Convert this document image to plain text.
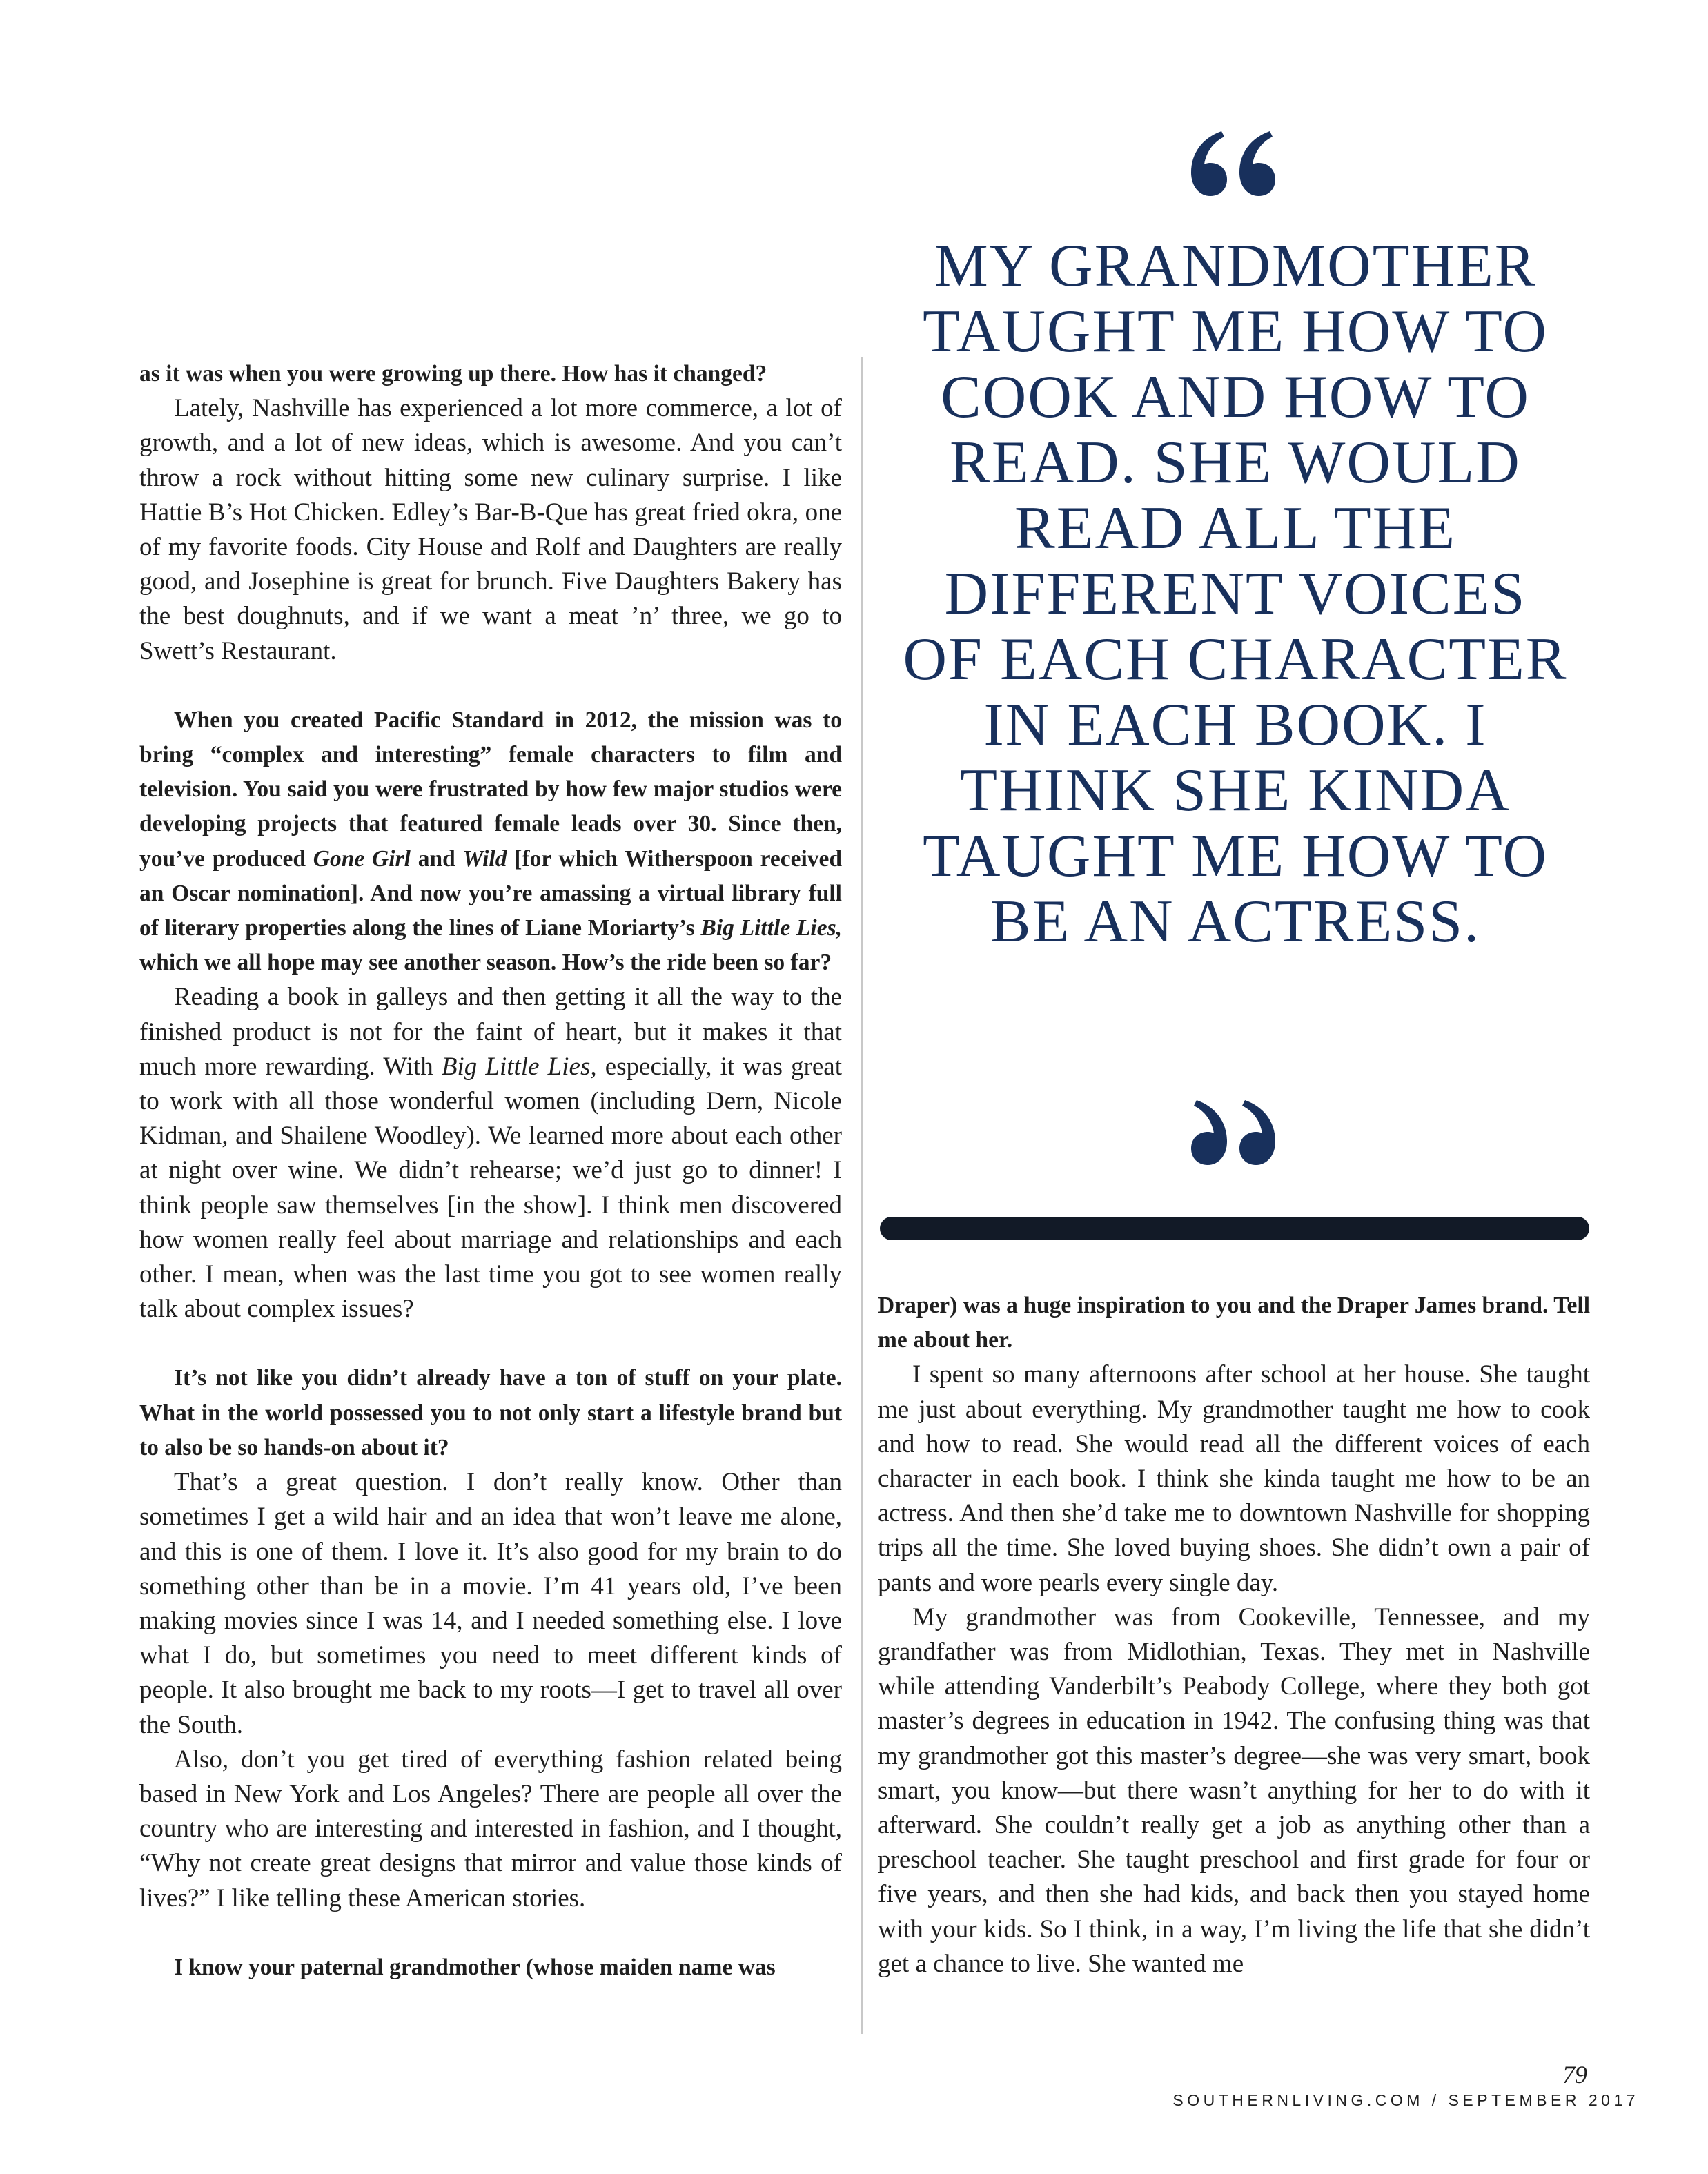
MY GRANDMOTHER TAUGHT ME HOW TO COOK AND HOW TO READ. SHE WOULD READ ALL THE DIFFERENT VOICES OF EACH CHARACTER IN EACH BOOK. I THINK SHE KINDA TAUGHT ME HOW TO BE AN ACTRESS.

as it was when you were growing up there. How has it changed?

Lately, Nashville has experienced a lot more commerce, a lot of growth, and a lot of new ideas, which is awesome. And you can’t throw a rock without hitting some new culinary surprise. I like Hattie B’s Hot Chicken. Edley’s Bar-B-Que has great fried okra, one of my favorite foods. City House and Rolf and Daughters are really good, and Josephine is great for brunch. Five Daughters Bakery has the best doughnuts, and if we want a meat ’n’ three, we go to Swett’s Restaurant.

When you created Pacific Standard in 2012, the mission was to bring “complex and interesting” female characters to film and television. You said you were frustrated by how few major studios were developing projects that featured female leads over 30. Since then, you’ve produced Gone Girl and Wild [for which Witherspoon received an Oscar nomination]. And now you’re amassing a virtual library full of literary properties along the lines of Liane Moriarty’s Big Little Lies, which we all hope may see another season. How’s the ride been so far?

Reading a book in galleys and then getting it all the way to the finished product is not for the faint of heart, but it makes it that much more rewarding. With Big Little Lies, especially, it was great to work with all those wonderful women (including Dern, Nicole Kidman, and Shailene Woodley). We learned more about each other at night over wine. We didn’t rehearse; we’d just go to dinner! I think people saw themselves [in the show]. I think men discovered how women really feel about marriage and relationships and each other. I mean, when was the last time you got to see women really talk about complex issues?

It’s not like you didn’t already have a ton of stuff on your plate. What in the world possessed you to not only start a lifestyle brand but to also be so hands-on about it?

That’s a great question. I don’t really know. Other than sometimes I get a wild hair and an idea that won’t leave me alone, and this is one of them. I love it. It’s also good for my brain to do something other than be in a movie. I’m 41 years old, I’ve been making movies since I was 14, and I needed something else. I love what I do, but sometimes you need to meet different kinds of people. It also brought me back to my roots—I get to travel all over the South.

Also, don’t you get tired of everything fashion related being based in New York and Los Angeles? There are people all over the country who are interesting and interested in fashion, and I thought, “Why not create great designs that mirror and value those kinds of lives?” I like telling these American stories.

I know your paternal grandmother (whose maiden name was

Draper) was a huge inspiration to you and the Draper James brand. Tell me about her.

I spent so many afternoons after school at her house. She taught me just about everything. My grandmother taught me how to cook and how to read. She would read all the different voices of each character in each book. I think she kinda taught me how to be an actress. And then she’d take me to downtown Nashville for shopping trips all the time. She loved buying shoes. She didn’t own a pair of pants and wore pearls every single day.

My grandmother was from Cookeville, Tennessee, and my grandfather was from Midlothian, Texas. They met in Nashville while attending Vanderbilt’s Peabody College, where they both got master’s degrees in education in 1942. The confusing thing was that my grandmother got this master’s degree—she was very smart, book smart, you know—but there wasn’t anything for her to do with it afterward. She couldn’t really get a job as anything other than a preschool teacher. She taught preschool and first grade for four or five years, and then she had kids, and back then you stayed home with your kids. So I think, in a way, I’m living the life that she didn’t get a chance to live. She wanted me

79
SOUTHERNLIVING.COM / SEPTEMBER 2017
